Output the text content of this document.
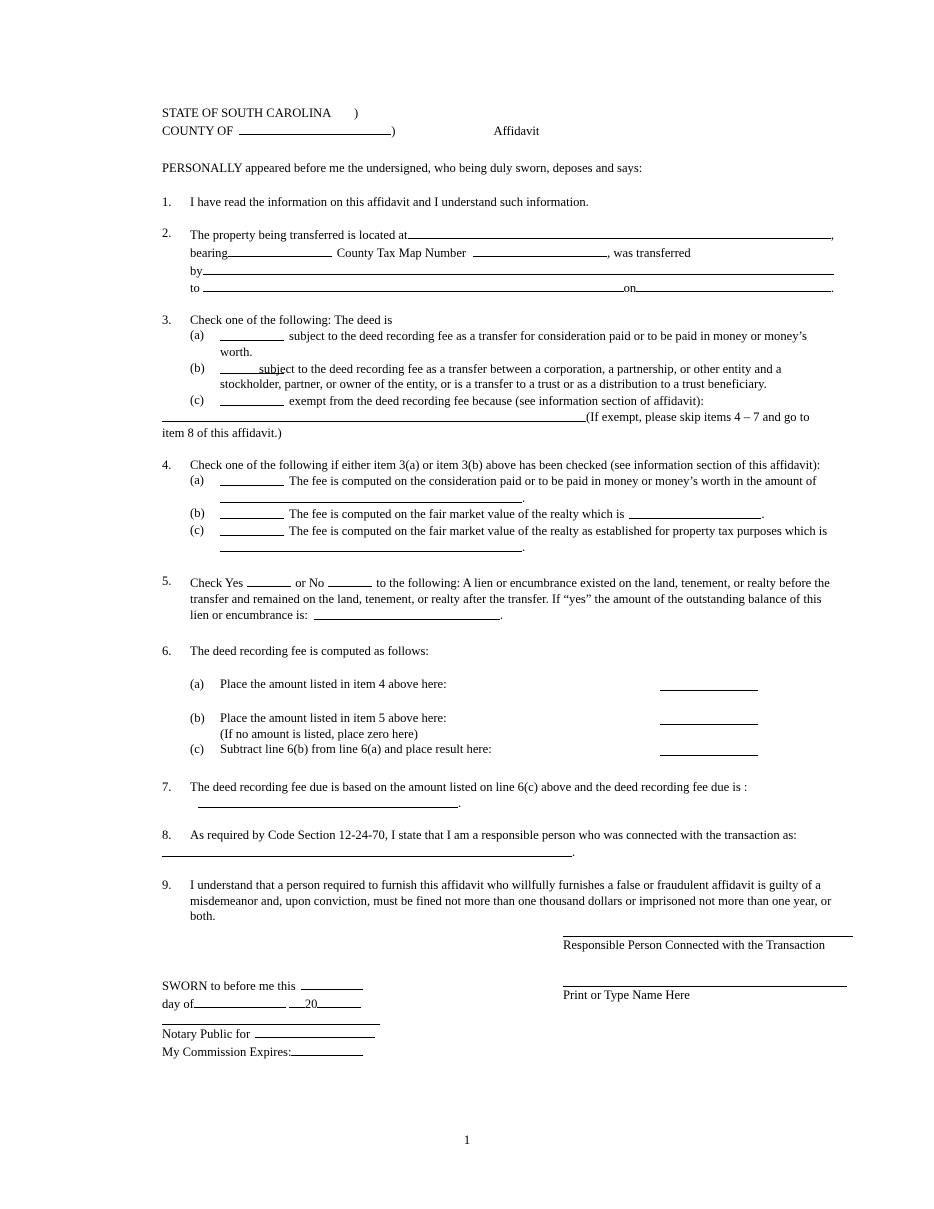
STATE OF SOUTH CAROLINA	)
COUNTY OF	)	Affidavit
PERSONALLY appeared before me the undersigned, who being duly sworn, deposes and says:
1. I have read the information on this affidavit and I understand such information.
2. The property being transferred is located at	,
bearing	County Tax Map Number	, was transferred
by
to	on	.
3. Check one of the following: The deed is
(a)	subject to the deed recording fee as a transfer for consideration paid or to be paid in money or money’s worth.
(b)	subject to the deed recording fee as a transfer between a corporation, a partnership, or other entity and a stockholder, partner, or owner of the entity, or is a transfer to a trust or as a distribution to a trust beneficiary.
(c)	exempt from the deed recording fee because (see information section of affidavit):
(If exempt, please skip items 4 – 7 and go to item 8 of this affidavit.)
4. Check one of the following if either item 3(a) or item 3(b) above has been checked (see information section of this affidavit):
(a)	The fee is computed on the consideration paid or to be paid in money or money’s worth in the amount of
.
(b)	The fee is computed on the fair market value of the realty which is	.
(c)	The fee is computed on the fair market value of the realty as established for property tax purposes which is
.
5. Check Yes	or No	to the following: A lien or encumbrance existed on the land, tenement, or realty before the transfer and remained on the land, tenement, or realty after the transfer. If “yes” the amount of the outstanding balance of this lien or encumbrance is:	.
6. The deed recording fee is computed as follows:
(a) Place the amount listed in item 4 above here:
(b) Place the amount listed in item 5 above here:
(If no amount is listed, place zero here)
(c) Subtract line 6(b) from line 6(a) and place result here:
7. The deed recording fee due is based on the amount listed on line 6(c) above and the deed recording fee due is :
.
8. As required by Code Section 12-24-70, I state that I am a responsible person who was connected with the transaction as:
.
9. I understand that a person required to furnish this affidavit who willfully furnishes a false or fraudulent affidavit is guilty of a misdemeanor and, upon conviction, must be fined not more than one thousand dollars or imprisoned not more than one year, or both.
Responsible Person Connected with the Transaction
Print or Type Name Here
SWORN to before me this
day of	20
Notary Public for
My Commission Expires:
1
